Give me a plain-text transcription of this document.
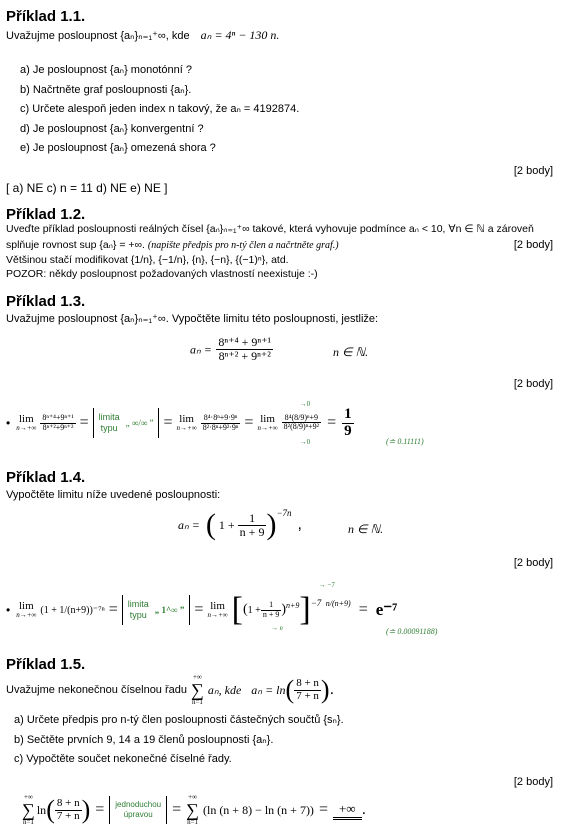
Příklad 1.1.
Uvažujme posloupnost {aₙ}ₙ₌₁⁺∞, kde aₙ = 4ⁿ − 130 n.
a) Je posloupnost {aₙ} monotónní ?
b) Načrtněte graf posloupnosti {aₙ}.
c) Určete alespoň jeden index n takový, že aₙ = 4192874.
d) Je posloupnost {aₙ} konvergentní ?
e) Je posloupnost {aₙ} omezená shora ?
[2 body]
[ a) NE c) n = 11 d) NE e) NE ]
Příklad 1.2.
Uveďte příklad posloupnosti reálných čísel {aₙ}ₙ₌₁⁺∞ takové, která vyhovuje podmínce aₙ < 10, ∀n ∈ ℕ a zároveň
splňuje rovnost sup {aₙ} = +∞. (napište předpis pro n-tý člen a načrtněte graf.)	[2 body]
Většinou stačí modifikovat {1/n}, {−1/n}, {n}, {−n}, {(−1)ⁿ}, atd.
POZOR: někdy posloupnost požadovaných vlastností neexistuje :-)
Příklad 1.3.
Uvažujme posloupnost {aₙ}ₙ₌₁⁺∞. Vypočtěte limitu této posloupnosti, jestliže:
$a_n = \frac{\text{8ⁿ⁺⁴ + 9ⁿ⁺¹}}{\text{8ⁿ⁺² + 9ⁿ⁺²}}$	n ∈ ℕ.
[2 body]
• lim
$n\to+\infty \frac{\text{8ⁿ⁺⁴+9ⁿ⁺¹}}{\text{8ⁿ⁺²+9ⁿ⁺²}}$ = limita
typu „ ∞/∞ ” = lim
$n\to+\infty \frac{\text{8⁴·8ⁿ+9·9ⁿ}}{\text{8²·8ⁿ+9²·9ⁿ}} = \lim$
n→+∞
→0
$\frac{\text{8⁴(8/9)ⁿ+9}}{\text{8²(8/9)ⁿ+9²}}$
→0
= $\frac{1}{9}$
(≐ 0.11111)
Příklad 1.4.
Vypočtěte limitu níže uvedené posloupnosti:
aₙ = ( $1 + \frac{1}{n + 9}$ ) −7n
,	n ∈ ℕ.
[2 body]
• lim
n→+∞ (1 + 1/(n+9))⁻⁷ⁿ = limita
typu „ 1^∞ ” = lim
n→+∞ [ ( $1 + \frac{1}{n + 9}$ ) n+9
→ e ]
→ −7
−7 n/(n+9) = e⁻⁷
(≐ 0.00091188)
Příklad 1.5.
Uvažujme nekonečnou číselnou řadu
+∞
∑
n=1
aₙ, kde aₙ = ln ( $\frac{8 + n}{7 + n}$ ) .
a) Určete předpis pro n-tý člen posloupnosti částečných součtů {sₙ}.
b) Sečtěte prvních 9, 14 a 19 členů posloupnosti {aₙ}.
c) Vypočtěte součet nekonečné číselné řady.
[2 body]
+∞
∑
n=1
ln ( $\frac{8 + n}{7 + n}$ ) = jednoduchou
úpravou	=
+∞
∑
n=1
(ln (n + 8) − ln (n + 7)) = +∞ .
